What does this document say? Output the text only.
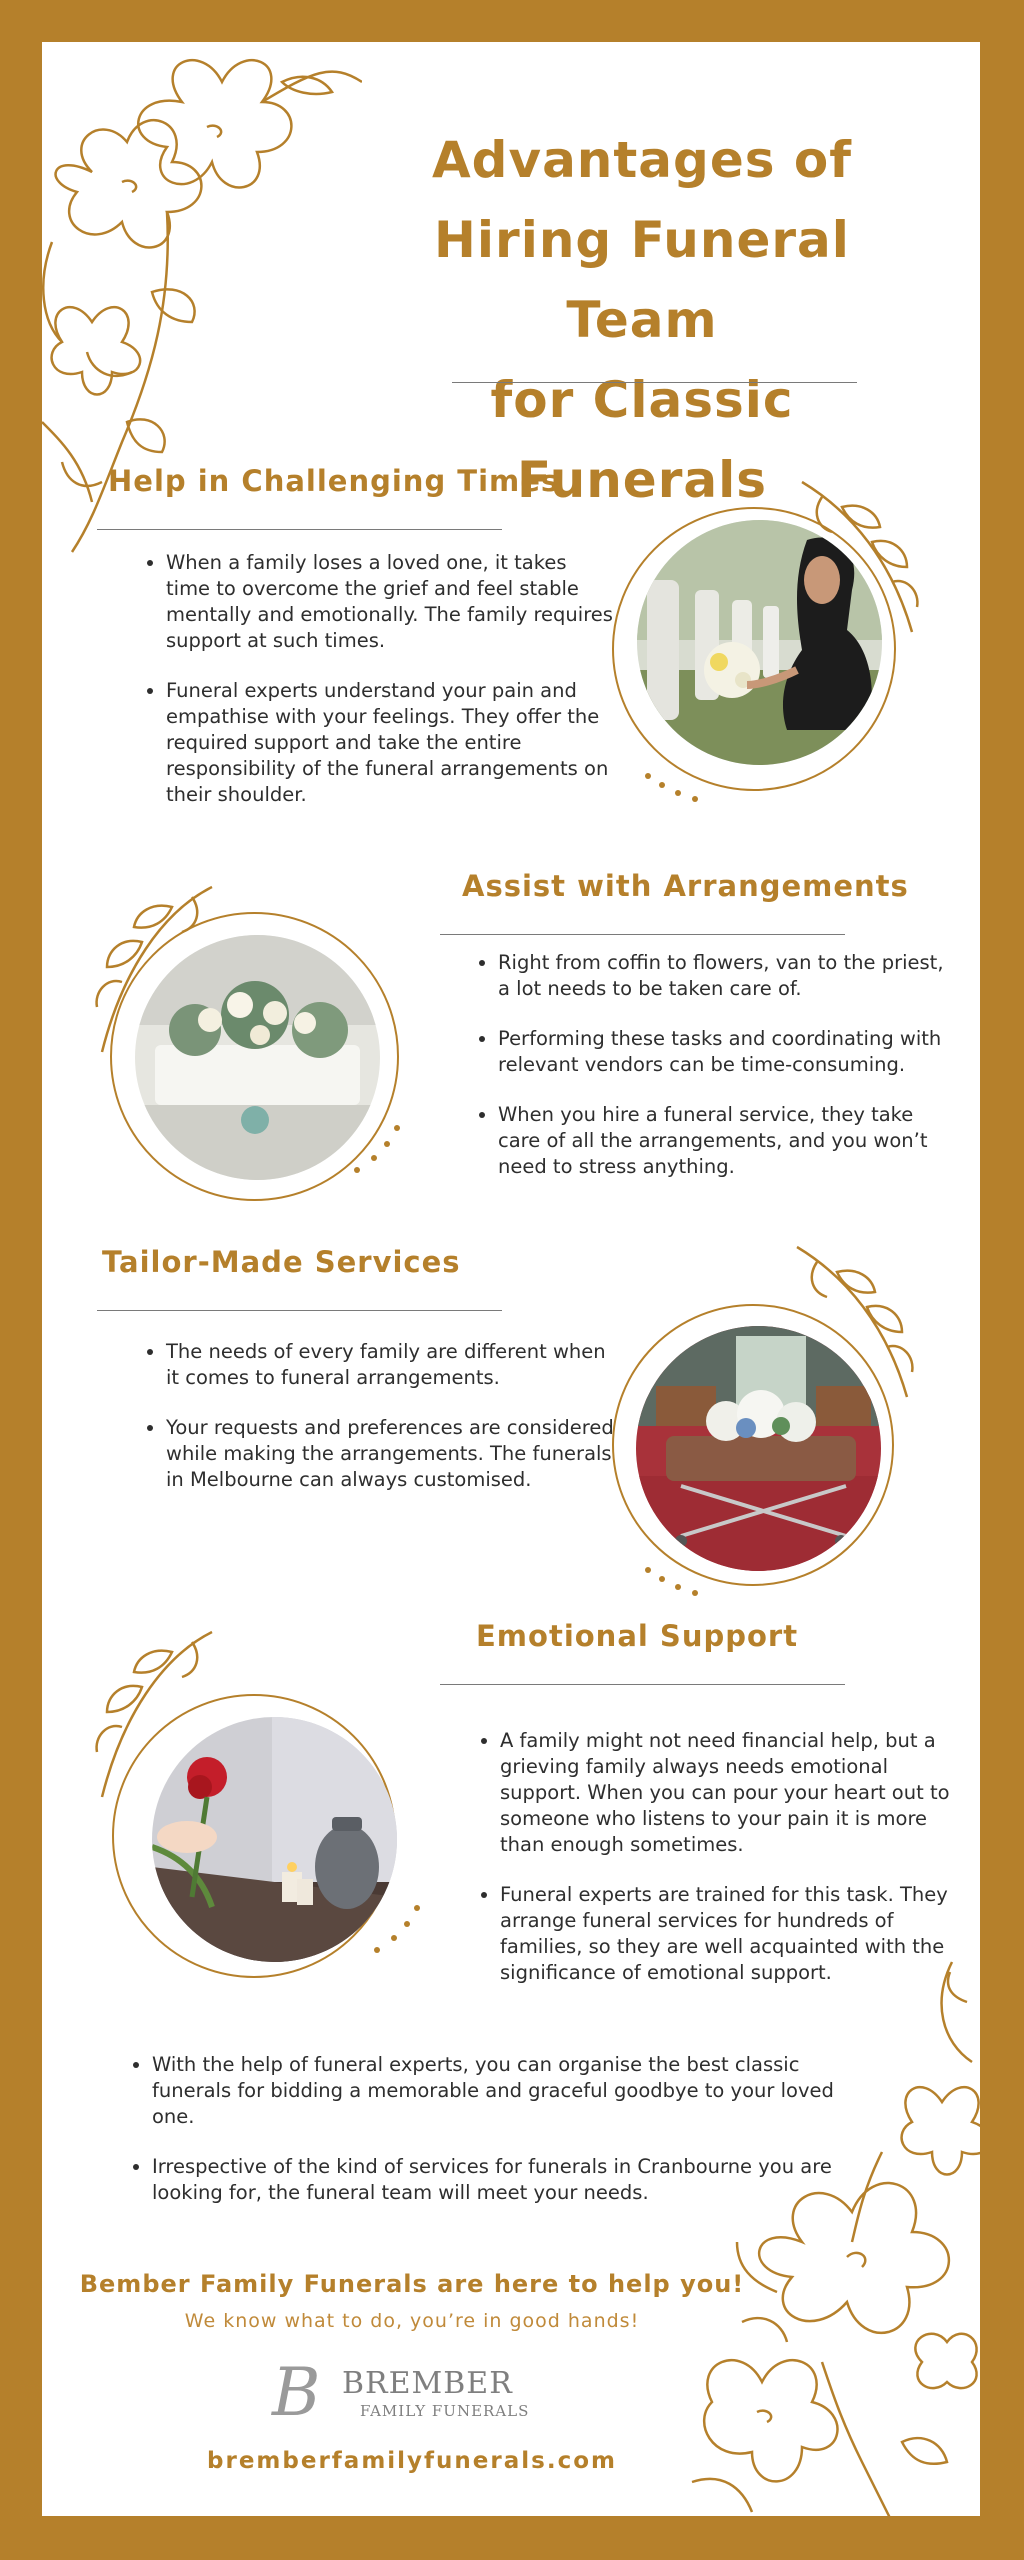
Advantages of
Hiring Funeral Team
for Classic Funerals
Help in Challenging Times
• When a family loses a loved one, it takes time to overcome the grief and feel stable mentally and emotionally. The family requires support at such times.
• Funeral experts understand your pain and empathise with your feelings. They offer the required support and take the entire responsibility of the funeral arrangements on their shoulder.
Assist with Arrangements
• Right from coffin to flowers, van to the priest, a lot needs to be taken care of.
• Performing these tasks and coordinating with relevant vendors can be time-consuming.
• When you hire a funeral service, they take care of all the arrangements, and you won’t need to stress anything.
Tailor-Made Services
• The needs of every family are different when it comes to funeral arrangements.
• Your requests and preferences are considered while making the arrangements. The funerals in Melbourne can always customised.
Emotional Support
• A family might not need financial help, but a grieving family always needs emotional support. When you can pour your heart out to someone who listens to your pain it is more than enough sometimes.
• Funeral experts are trained for this task. They arrange funeral services for hundreds of families, so they are well acquainted with the significance of emotional support.
• With the help of funeral experts, you can organise the best classic funerals for bidding a memorable and graceful goodbye to your loved one.
• Irrespective of the kind of services for funerals in Cranbourne you are looking for, the funeral team will meet your needs.
Bember Family Funerals are here to help you!
We know what to do, you’re in good hands!
B BREMBER
FAMILY FUNERALS
bremberfamilyfunerals.com
